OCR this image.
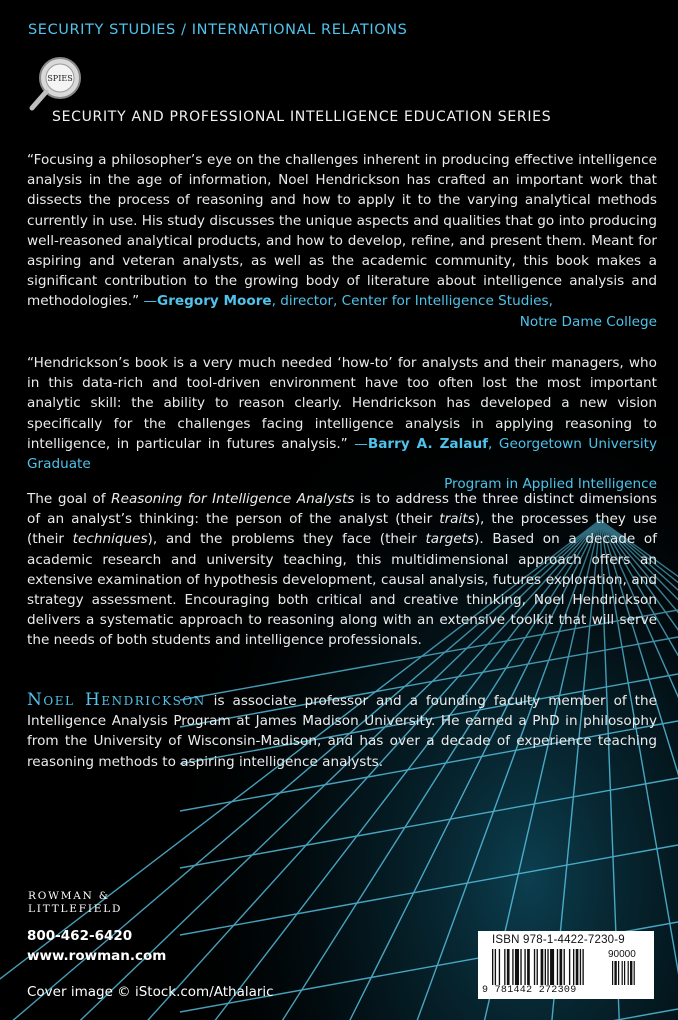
SECURITY STUDIES / INTERNATIONAL RELATIONS
SPIES
SECURITY AND PROFESSIONAL INTELLIGENCE EDUCATION SERIES
“Focusing a philosopher’s eye on the challenges inherent in producing effective intelligence analysis in the age of information, Noel Hendrickson has crafted an important work that dissects the process of reasoning and how to apply it to the varying analytical methods currently in use. His study discusses the unique aspects and qualities that go into producing well-reasoned analytical products, and how to develop, refine, and present them. Meant for aspiring and veteran analysts, as well as the academic community, this book makes a significant contribution to the growing body of literature about intelligence analysis and methodologies.” —Gregory Moore, director, Center for Intelligence Studies,
Notre Dame College
“Hendrickson’s book is a very much needed ‘how-to’ for analysts and their managers, who in this data-rich and tool-driven environment have too often lost the most important analytic skill: the ability to reason clearly. Hendrickson has developed a new vision specifically for the challenges facing intelligence analysis in applying reasoning to intelligence, in particular in futures analysis.” —Barry A. Zalauf, Georgetown University Graduate
Program in Applied Intelligence
The goal of Reasoning for Intelligence Analysts is to address the three distinct dimensions of an analyst’s thinking: the person of the analyst (their traits), the processes they use (their techniques), and the problems they face (their targets). Based on a decade of academic research and university teaching, this multidimensional approach offers an extensive examination of hypothesis development, causal analysis, futures exploration, and strategy assessment. Encouraging both critical and creative thinking, Noel Hendrickson delivers a systematic approach to reasoning along with an extensive toolkit that will serve the needs of both students and intelligence professionals.
Noel Hendrickson is associate professor and a founding faculty member of the Intelligence Analysis Program at James Madison University. He earned a PhD in philosophy from the University of Wisconsin-Madison, and has over a decade of experience teaching reasoning methods to aspiring intelligence analysts.
ROWMAN &
LITTLEFIELD
800-462-6420
www.rowman.com
Cover image © iStock.com/Athalaric
ISBN 978-1-4422-7230-9
90000
9 781442 272309
